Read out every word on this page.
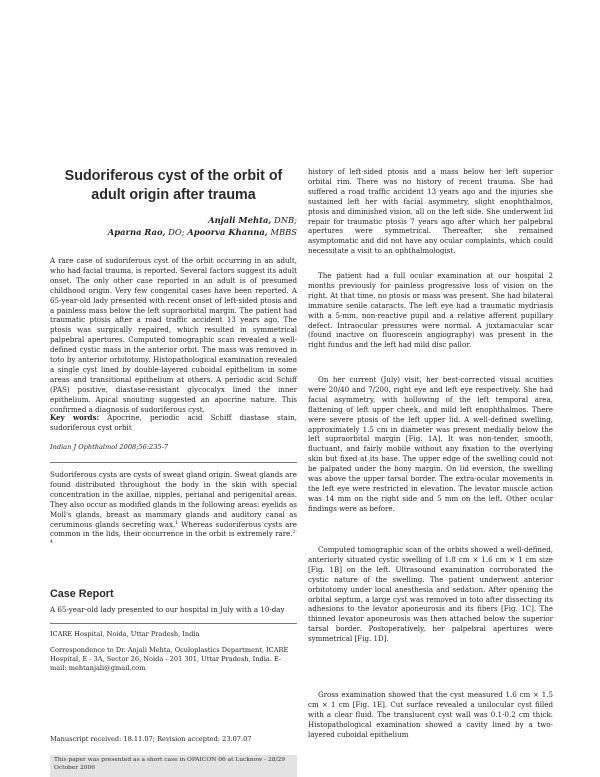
Sudoriferous cyst of the orbit of adult origin after trauma
Anjali Mehta, DNB;
Aparna Rao, DO; Apoorva Khanna, MBBS

A rare case of sudoriferous cyst of the orbit occurring in an adult, who had facial trauma, is reported. Several factors suggest its adult onset. The only other case reported in an adult is of presumed childhood origin. Very few congenital cases have been reported. A 65-year-old lady presented with recent onset of left-sided ptosis and a painless mass below the left supraorbital margin. The patient had traumatic ptosis after a road traffic accident 13 years ago. The ptosis was surgically repaired, which resulted in symmetrical palpebral apertures. Computed tomographic scan revealed a well-defined cystic mass in the anterior orbit. The mass was removed in toto by anterior orbitotomy. Histopathological examination revealed a single cyst lined by double-layered cuboidal epithelium in some areas and transitional epithelium at others. A periodic acid Schiff (PAS) positive, diastase-resistant glycocalyx lined the inner epithelium. Apical snouting suggested an apocrine nature. This confirmed a diagnosis of sudoriferous cyst.

Key words: Apocrine, periodic acid Schiff diastase stain, sudoriferous cyst orbit
Indian J Ophthalmol 2008;56:235-7

Sudoriferous cysts are cysts of sweat gland origin. Sweat glands are found distributed throughout the body in the skin with special concentration in the axillae, nipples, perianal and perigenital areas. They also occur as modified glands in the following areas: eyelids as Moll's glands, breast as mammary glands and auditory canal as ceruminous glands secreting wax.$^1$ Whereas sudoriferous cysts are common in the lids, their occurrence in the orbit is extremely rare.$^{2-4}$

Case Report

A 65-year-old lady presented to our hospital in July with a 10-day

ICARE Hospital, Noida, Uttar Pradesh, India
Correspondence to Dr. Anjali Mehta, Oculoplastics Department, ICARE Hospital, E - 3A, Sector 26, Noida - 201 301, Uttar Pradesh, India. E-mail: mehtanjali@gmail.com
Manuscript received: 18.11.07; Revision accepted: 23.07.07
This paper was presented as a short case in OPAICON 06 at Lucknow - 28/29 October 2006

history of left-sided ptosis and a mass below her left superior orbital rim. There was no history of recent trauma. She had suffered a road traffic accident 13 years ago and the injuries she sustained left her with facial asymmetry, slight enophthalmos, ptosis and diminished vision, all on the left side. She underwent lid repair for traumatic ptosis 7 years ago after which her palpebral apertures were symmetrical. Thereafter, she remained asymptomatic and did not have any ocular complaints, which could necessitate a visit to an ophthalmologist.

The patient had a full ocular examination at our hospital 2 months previously for painless progressive loss of vision on the right. At that time, no ptosis or mass was present. She had bilateral immature senile cataracts. The left eye had a traumatic mydriasis with a 5-mm, non-reactive pupil and a relative afferent pupillary defect. Intraocular pressures were normal. A juxtamacular scar (found inactive on fluorescein angiography) was present in the right fundus and the left had mild disc pallor.

On her current (July) visit, her best-corrected visual acuities were 20/40 and 7/200, right eye and left eye respectively. She had facial asymmetry, with hollowing of the left temporal area, flattening of left upper cheek, and mild left enophthalmos. There were severe ptosis of the left upper lid. A well-defined swelling, approximately 1.5 cm in diameter was present medially below the left supraorbital margin [Fig. 1A]. It was non-tender, smooth, fluctuant, and fairly mobile without any fixation to the overlying skin but fixed at its base. The upper edge of the swelling could not be palpated under the bony margin. On lid eversion, the swelling was above the upper tarsal border. The extra-ocular movements in the left eye were restricted in elevation. The levator muscle action was 14 mm on the right side and 5 mm on the left. Other ocular findings were as before.

Computed tomographic scan of the orbits showed a well-defined, anteriorly situated cystic swelling of 1.8 cm × 1.6 cm × 1 cm size [Fig. 1B] on the left. Ultrasound examination corroborated the cystic nature of the swelling. The patient underwent anterior orbitotomy under local anesthesia and sedation. After opening the orbital septum, a large cyst was removed in toto after dissecting its adhesions to the levator aponeurosis and its fibers [Fig. 1C]. The thinned levator aponeurosis was then attached below the superior tarsal border. Postoperatively, her palpebral apertures were symmetrical [Fig. 1D].

Gross examination showed that the cyst measured 1.6 cm × 1.5 cm × 1 cm [Fig. 1E]. Cut surface revealed a unilocular cyst filled with a clear fluid. The translucent cyst wall was 0.1-0.2 cm thick. Histopathological examination showed a cavity lined by a two-layered cuboidal epithelium
